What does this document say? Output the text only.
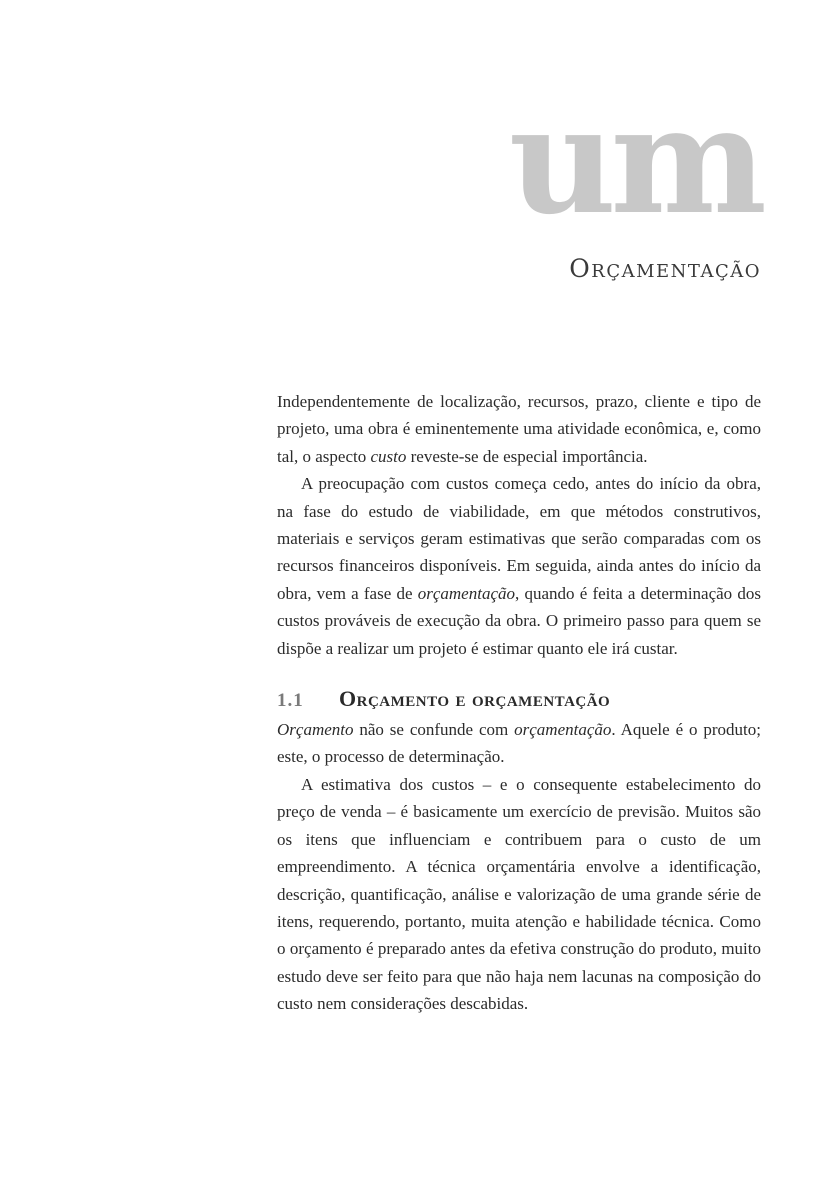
um
Orçamentação

Independentemente de localização, recursos, prazo, cliente e tipo de projeto, uma obra é eminentemente uma atividade econômica, e, como tal, o aspecto custo reveste-se de especial importância.

A preocupação com custos começa cedo, antes do início da obra, na fase do estudo de viabilidade, em que métodos construtivos, materiais e serviços geram estimativas que serão comparadas com os recursos financeiros disponíveis. Em seguida, ainda antes do início da obra, vem a fase de orçamentação, quando é feita a determinação dos custos prováveis de execução da obra. O primeiro passo para quem se dispõe a realizar um projeto é estimar quanto ele irá custar.

1.1	Orçamento e orçamentação

Orçamento não se confunde com orçamentação. Aquele é o produto; este, o processo de determinação.

A estimativa dos custos – e o consequente estabelecimento do preço de venda – é basicamente um exercício de previsão. Muitos são os itens que influenciam e contribuem para o custo de um empreendimento. A técnica orçamentária envolve a identificação, descrição, quantificação, análise e valorização de uma grande série de itens, requerendo, portanto, muita atenção e habilidade técnica. Como o orçamento é preparado antes da efetiva construção do produto, muito estudo deve ser feito para que não haja nem lacunas na composição do custo nem considerações descabidas.
